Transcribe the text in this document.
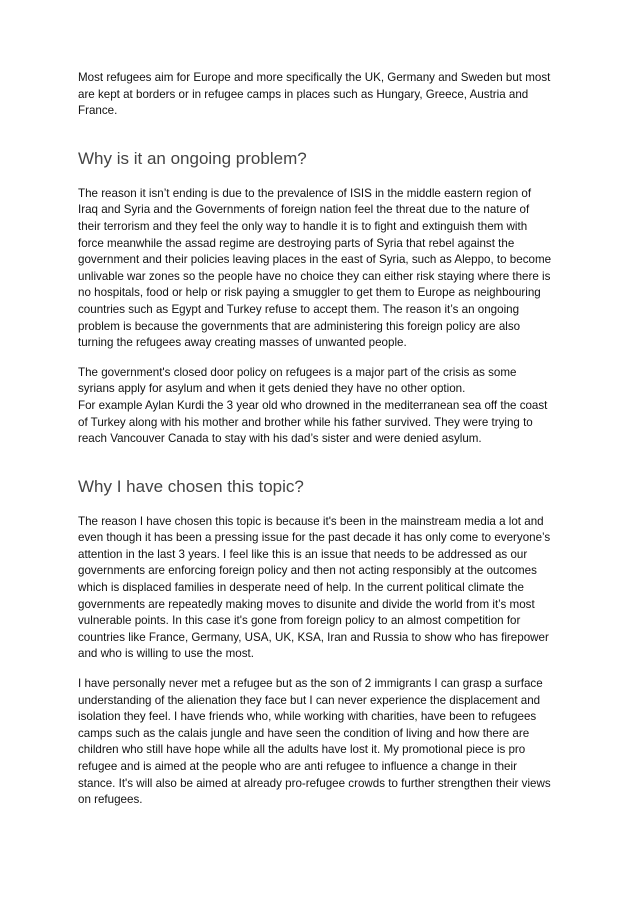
Most refugees aim for Europe and more specifically the UK, Germany and Sweden but most
are kept at borders or in refugee camps in places such as Hungary, Greece, Austria and
France.

Why is it an ongoing problem?

The reason it isn’t ending is due to the prevalence of ISIS in the middle eastern region of
Iraq and Syria and the Governments of foreign nation feel the threat due to the nature of
their terrorism and they feel the only way to handle it is to fight and extinguish them with
force meanwhile the assad regime are destroying parts of Syria that rebel against the
government and their policies leaving places in the east of Syria, such as Aleppo, to become
unlivable war zones so the people have no choice they can either risk staying where there is
no hospitals, food or help or risk paying a smuggler to get them to Europe as neighbouring
countries such as Egypt and Turkey refuse to accept them. The reason it’s an ongoing
problem is because the governments that are administering this foreign policy are also
turning the refugees away creating masses of unwanted people.

The government's closed door policy on refugees is a major part of the crisis as some
syrians apply for asylum and when it gets denied they have no other option.
For example Aylan Kurdi the 3 year old who drowned in the mediterranean sea off the coast
of Turkey along with his mother and brother while his father survived. They were trying to
reach Vancouver Canada to stay with his dad’s sister and were denied asylum.

Why I have chosen this topic?

The reason I have chosen this topic is because it's been in the mainstream media a lot and
even though it has been a pressing issue for the past decade it has only come to everyone’s
attention in the last 3 years. I feel like this is an issue that needs to be addressed as our
governments are enforcing foreign policy and then not acting responsibly at the outcomes
which is displaced families in desperate need of help. In the current political climate the
governments are repeatedly making moves to disunite and divide the world from it’s most
vulnerable points. In this case it's gone from foreign policy to an almost competition for
countries like France, Germany, USA, UK, KSA, Iran and Russia to show who has firepower
and who is willing to use the most.

I have personally never met a refugee but as the son of 2 immigrants I can grasp a surface
understanding of the alienation they face but I can never experience the displacement and
isolation they feel. I have friends who, while working with charities, have been to refugees
camps such as the calais jungle and have seen the condition of living and how there are
children who still have hope while all the adults have lost it. My promotional piece is pro
refugee and is aimed at the people who are anti refugee to influence a change in their
stance. It's will also be aimed at already pro-refugee crowds to further strengthen their views
on refugees.
